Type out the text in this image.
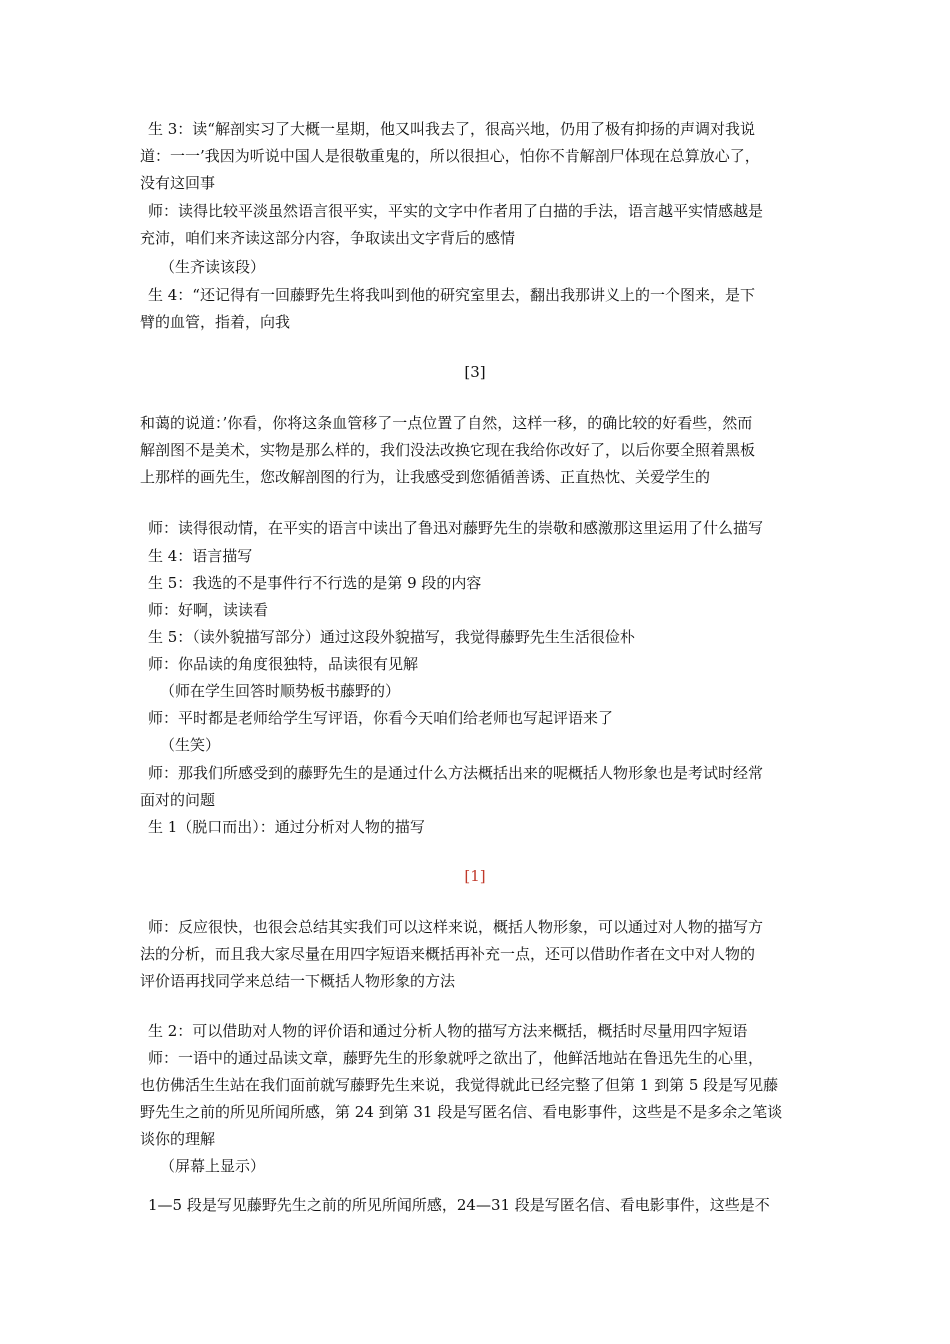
生 3：读“解剖实习了大概一星期，他又叫我去了，很高兴地，仍用了极有抑扬的声调对我说
道：一一’我因为听说中国人是很敬重鬼的，所以很担心，怕你不肯解剖尸体现在总算放心了，
没有这回事
师：读得比较平淡虽然语言很平实，平实的文字中作者用了白描的手法，语言越平实情感越是
充沛，咱们来齐读这部分内容，争取读出文字背后的感情
（生齐读该段）
生 4：“还记得有一回藤野先生将我叫到他的研究室里去，翻出我那讲义上的一个图来，是下
臂的血管，指着，向我
[3]
和蔼的说道：’你看，你将这条血管移了一点位置了自然，这样一移，的确比较的好看些，然而
解剖图不是美术，实物是那么样的，我们没法改换它现在我给你改好了，以后你要全照着黑板
上那样的画先生，您改解剖图的行为，让我感受到您循循善诱、正直热忱、关爱学生的
师：读得很动情，在平实的语言中读出了鲁迅对藤野先生的崇敬和感激那这里运用了什么描写
生 4：语言描写
生 5：我选的不是事件行不行选的是第 9 段的内容
师：好啊，读读看
生 5：（读外貌描写部分）通过这段外貌描写，我觉得藤野先生生活很俭朴
师：你品读的角度很独特，品读很有见解
（师在学生回答时顺势板书藤野的）
师：平时都是老师给学生写评语，你看今天咱们给老师也写起评语来了
（生笑）
师：那我们所感受到的藤野先生的是通过什么方法概括出来的呢概括人物形象也是考试时经常
面对的问题
生 1（脱口而出）：通过分析对人物的描写
[1]
师：反应很快，也很会总结其实我们可以这样来说，概括人物形象，可以通过对人物的描写方
法的分析，而且我大家尽量在用四字短语来概括再补充一点，还可以借助作者在文中对人物的
评价语再找同学来总结一下概括人物形象的方法
生 2：可以借助对人物的评价语和通过分析人物的描写方法来概括，概括时尽量用四字短语
师：一语中的通过品读文章，藤野先生的形象就呼之欲出了，他鲜活地站在鲁迅先生的心里，
也仿佛活生生站在我们面前就写藤野先生来说，我觉得就此已经完整了但第 1 到第 5 段是写见藤
野先生之前的所见所闻所感，第 24 到第 31 段是写匿名信、看电影事件，这些是不是多余之笔谈
谈你的理解
（屏幕上显示）
1—5 段是写见藤野先生之前的所见所闻所感，24—31 段是写匿名信、看电影事件，这些是不
